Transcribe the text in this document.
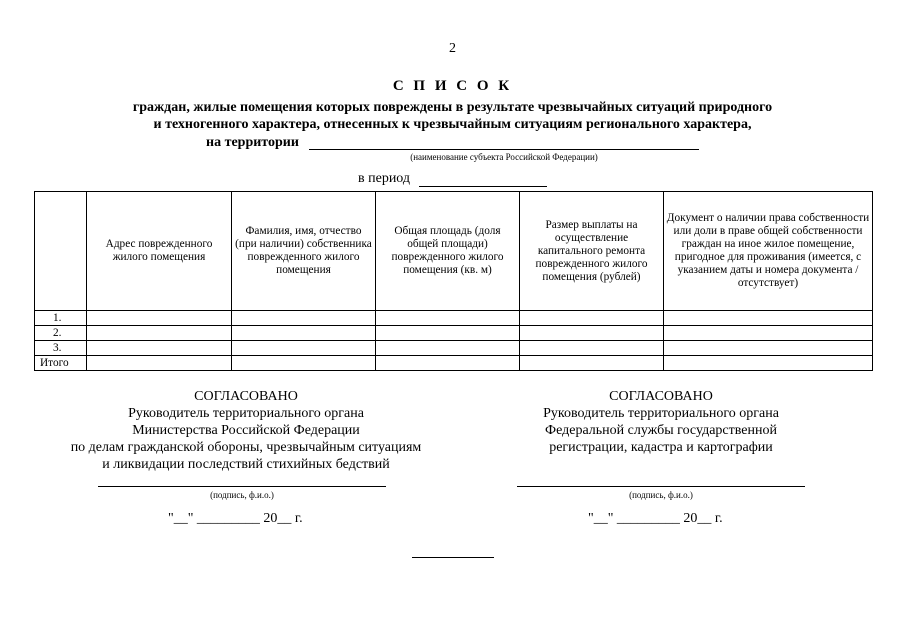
2
С П И С О К
граждан, жилые помещения которых повреждены в результате чрезвычайных ситуаций природного
и техногенного характера, отнесенных к чрезвычайным ситуациям регионального характера,
на территории
(наименование субъекта Российской Федерации)
в период
	Адрес поврежденного жилого помещения	Фамилия, имя, отчество (при наличии) собственника поврежденного жилого помещения	Общая площадь (доля общей площади) поврежденного жилого помещения (кв. м)	Размер выплаты на осуществление капитального ремонта поврежденного жилого помещения (рублей)	Документ о наличии права собственности или доли в праве общей собственности граждан на иное жилое помещение, пригодное для проживания (имеется, с указанием даты и номера документа / отсутствует)
1.					
2.					
3.					
Итого					
СОГЛАСОВАНО
Руководитель территориального органа
Министерства Российской Федерации
по делам гражданской обороны, чрезвычайным ситуациям
и ликвидации последствий стихийных бедствий
СОГЛАСОВАНО
Руководитель территориального органа
Федеральной службы государственной
регистрации, кадастра и картографии
(подпись, ф.и.о.)
"__" _________ 20__ г.
(подпись, ф.и.о.)
"__" _________ 20__ г.
